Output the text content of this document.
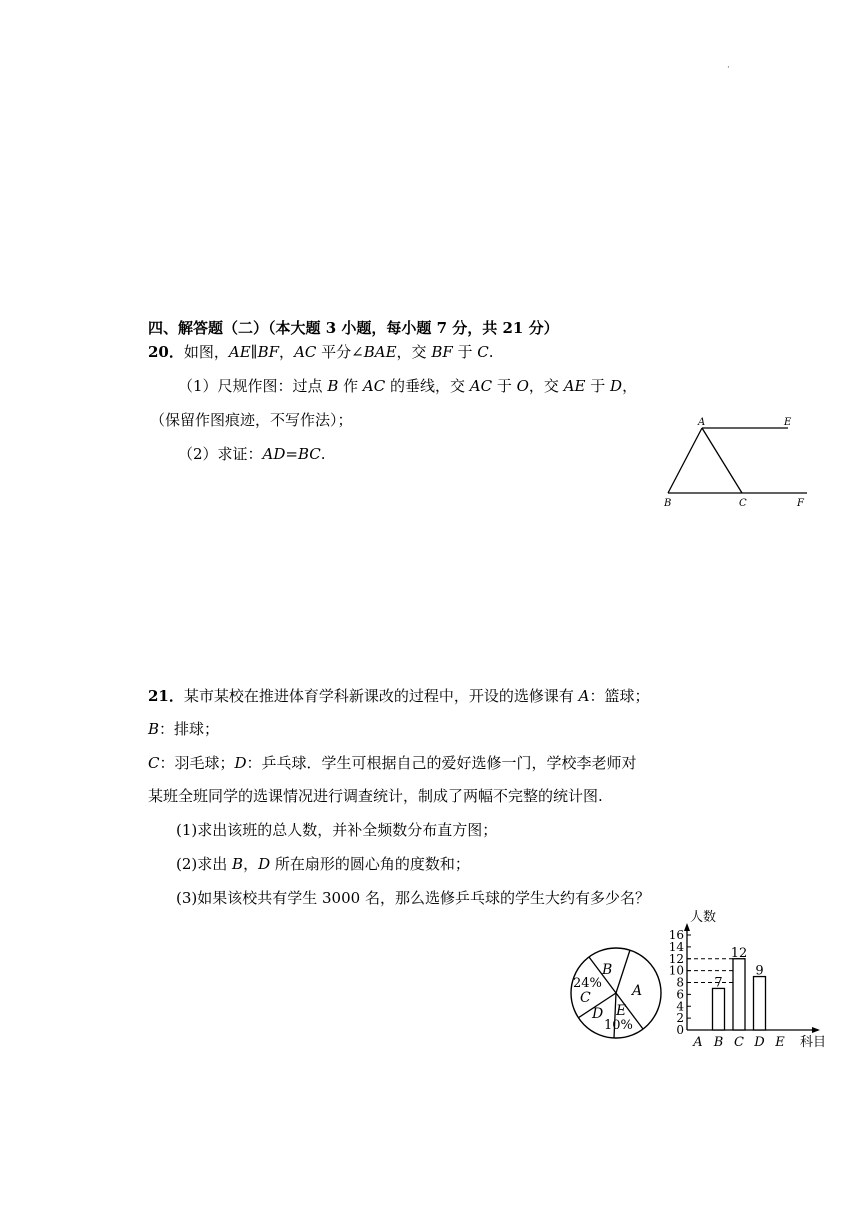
·
四、解答题（二）（本大题 3 小题，每小题 7 分，共 21 分）
20．如图，AE∥BF，AC 平分∠BAE，交 BF 于 C.
（1）尺规作图：过点 B 作 AC 的垂线，交 AC 于 O，交 AE 于 D，
（保留作图痕迹，不写作法）；
（2）求证：AD=BC.
A	E
B	C	F
21．某市某校在推进体育学科新课改的过程中，开设的选修课有 A：篮球；
B：排球；
C：羽毛球；D：乒乓球．学生可根据自己的爱好选修一门，学校李老师对
某班全班同学的选课情况进行调查统计，制成了两幅不完整的统计图.
(1)求出该班的总人数，并补全频数分布直方图；
(2)求出 B，D 所在扇形的圆心角的度数和；
(3)如果该校共有学生 3000 名，那么选修乒乓球的学生大约有多少名？
B
A
24%
C
D E
10%
7
12
9
0
2
4
6
8
10
12
14
16
A B C D E
人数
科目
